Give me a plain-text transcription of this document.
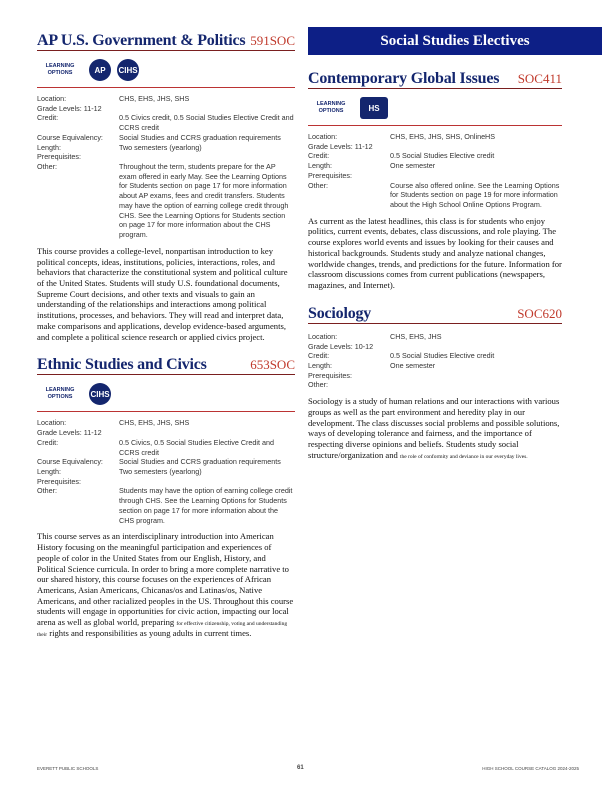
Social Studies Electives
AP U.S. Government & Politics 591SOC
LEARNING OPTIONS	AP	CIHS
Location:	CHS, EHS, JHS, SHS
Grade Levels: 11-12	
Credit:	0.5 Civics credit, 0.5 Social Studies Elective Credit and CCRS credit
Course Equivalency:	Social Studies and CCRS graduation requirements
Length:	Two semesters (yearlong)
Prerequisites:	
Other:	Throughout the term, students prepare for the AP exam offered in early May. See the Learning Options for Students section on page 17 for more information about AP exams, fees and credit transfers. Students may have the option of earning college credit through CHS. See the Learning Options for Students section on page 17 for more information about the CHS program.
This course provides a college-level, nonpartisan introduction to key political concepts, ideas, institutions, policies, interactions, roles, and behaviors that characterize the constitutional system and political culture of the United States. Students will study U.S. foundational documents, Supreme Court decisions, and other texts and visuals to gain an understanding of the relationships and interactions among political institutions, processes, and behaviors. They will read and interpret data, make comparisons and applications, develop evidence-based arguments, and complete a political science research or applied civics project.
Ethnic Studies and Civics	653SOC
LEARNING OPTIONS	CIHS
Location:	CHS, EHS, JHS, SHS
Grade Levels: 11-12	
Credit:	0.5 Civics, 0.5 Social Studies Elective Credit and CCRS credit
Course Equivalency:	Social Studies and CCRS graduation requirements
Length:	Two semesters (yearlong)
Prerequisites:	
Other:	Students may have the option of earning college credit through CHS. See the Learning Options for Students section on page 17 for more information about the CHS program.
This course serves as an interdisciplinary introduction into American History focusing on the meaningful participation and experiences of people of color in the United States from our English, History, and Political Science curricula. In order to bring a more complete narrative to our shared history, this course focuses on the experiences of African Americans, Asian Americans, Chicanas/os and Latinas/os, Native Americans, and other racialized peoples in the US. Throughout this course students will engage in opportunities for civic action, impacting our local arena as well as global world, preparing for effective citizenship, voting and understanding their rights and responsibilities as young adults in current times.
Contemporary Global Issues SOC411
LEARNING OPTIONS	HS
Location:	CHS, EHS, JHS, SHS, OnlineHS
Grade Levels: 11-12	
Credit:	0.5 Social Studies Elective credit
Length:	One semester
Prerequisites:	
Other:	Course also offered online. See the Learning Options for Students section on page 19 for more information about the High School Online Options Program.
As current as the latest headlines, this class is for students who enjoy politics, current events, debates, class discussions, and role playing. The course explores world events and issues by looking for their causes and historical backgrounds. Students study and analyze national changes, worldwide changes, trends, and predictions for the future. Information for classroom discussions comes from current publications (newspapers, magazines, and Internet).
Sociology	SOC620
Location:	CHS, EHS, JHS
Grade Levels: 10-12	
Credit:	0.5 Social Studies Elective credit
Length:	One semester
Prerequisites:	
Other:	
Sociology is a study of human relations and our interactions with various groups as well as the part environment and heredity play in our development. The class discusses social problems and possible solutions, ways of developing tolerance and fairness, and the importance of respecting diverse opinions and beliefs. Students study social structure/organization and the role of conformity and deviance in our everyday lives.
EVERETT PUBLIC SCHOOLS	61	HIGH SCHOOL COURSE CATALOG 2024-2025
